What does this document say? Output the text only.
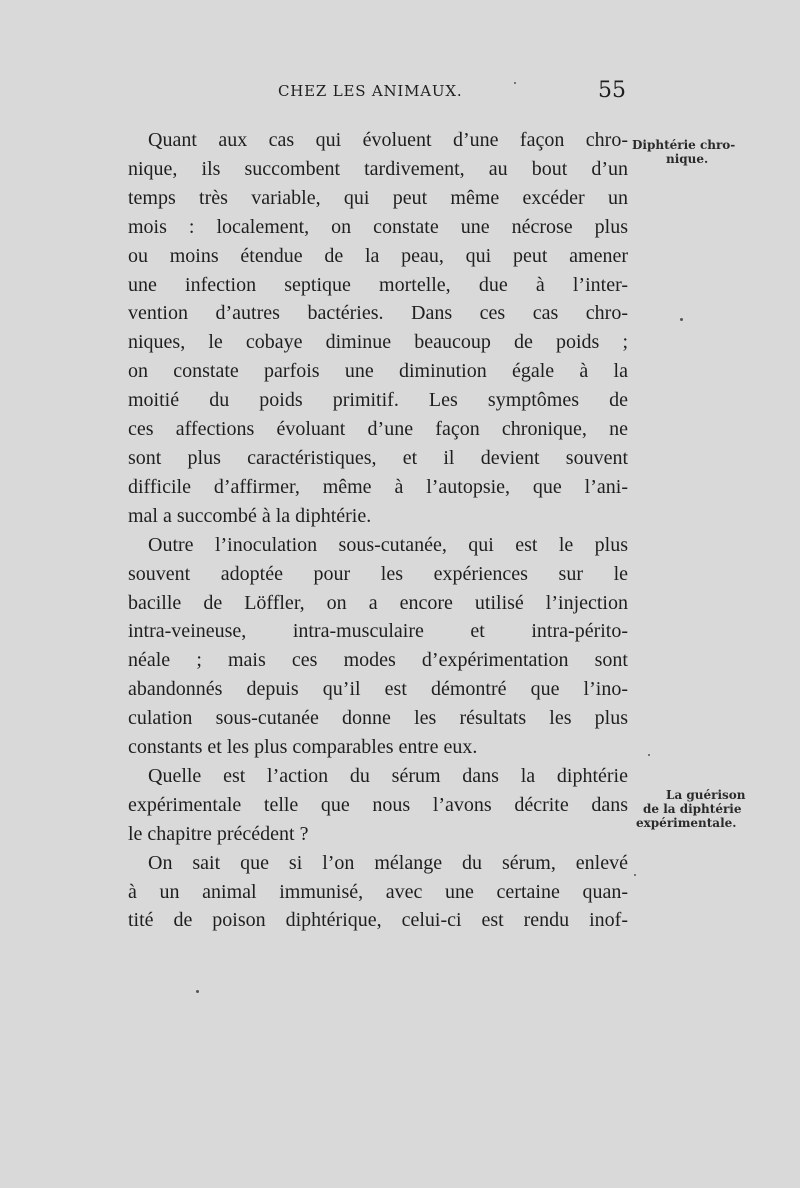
CHEZ LES ANIMAUX.	55
Diphtérie chro-
nique.
La guérison
de la diphtérie
expérimentale.
Quant aux cas qui évoluent d’une façon chro-
nique, ils succombent tardivement, au bout d’un
temps très variable, qui peut même excéder un
mois : localement, on constate une nécrose plus
ou moins étendue de la peau, qui peut amener
une infection septique mortelle, due à l’inter-
vention d’autres bactéries. Dans ces cas chro-
niques, le cobaye diminue beaucoup de poids ;
on constate parfois une diminution égale à la
moitié du poids primitif. Les symptômes de
ces affections évoluant d’une façon chronique, ne
sont plus caractéristiques, et il devient souvent
difficile d’affirmer, même à l’autopsie, que l’ani-
mal a succombé à la diphtérie.
Outre l’inoculation sous-cutanée, qui est le plus
souvent adoptée pour les expériences sur le
bacille de Löffler, on a encore utilisé l’injection
intra-veineuse, intra-musculaire et intra-périto-
néale ; mais ces modes d’expérimentation sont
abandonnés depuis qu’il est démontré que l’ino-
culation sous-cutanée donne les résultats les plus
constants et les plus comparables entre eux.
Quelle est l’action du sérum dans la diphtérie
expérimentale telle que nous l’avons décrite dans
le chapitre précédent ?
On sait que si l’on mélange du sérum, enlevé
à un animal immunisé, avec une certaine quan-
tité de poison diphtérique, celui-ci est rendu inof-
